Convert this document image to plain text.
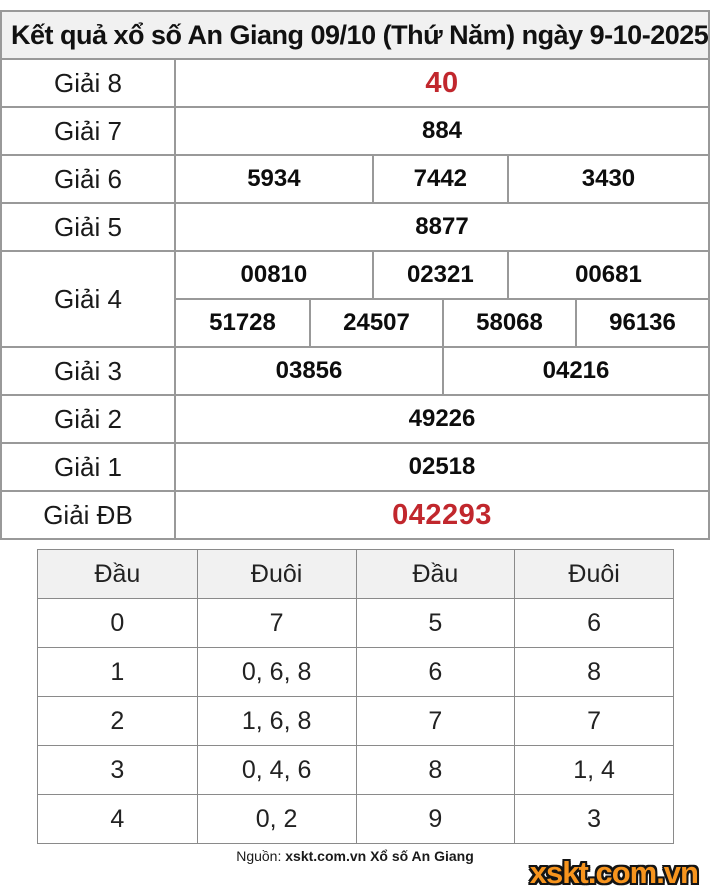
Kết quả xổ số An Giang 09/10 (Thứ Năm) ngày 9-10-2025
Giải 8	40
Giải 7	884
Giải 6	5934	7442	3430
Giải 5	8877
Giải 4
00810	02321	00681
51728	24507	58068	96136
Giải 3	03856	04216
Giải 2	49226
Giải 1	02518
Giải ĐB	042293
Đầu	Đuôi	Đầu	Đuôi
0	7	5	6
1	0, 6, 8	6	8
2	1, 6, 8	7	7
3	0, 4, 6	8	1, 4
4	0, 2	9	3
Nguồn: xskt.com.vn Xổ số An Giang	xskt.com.vn
